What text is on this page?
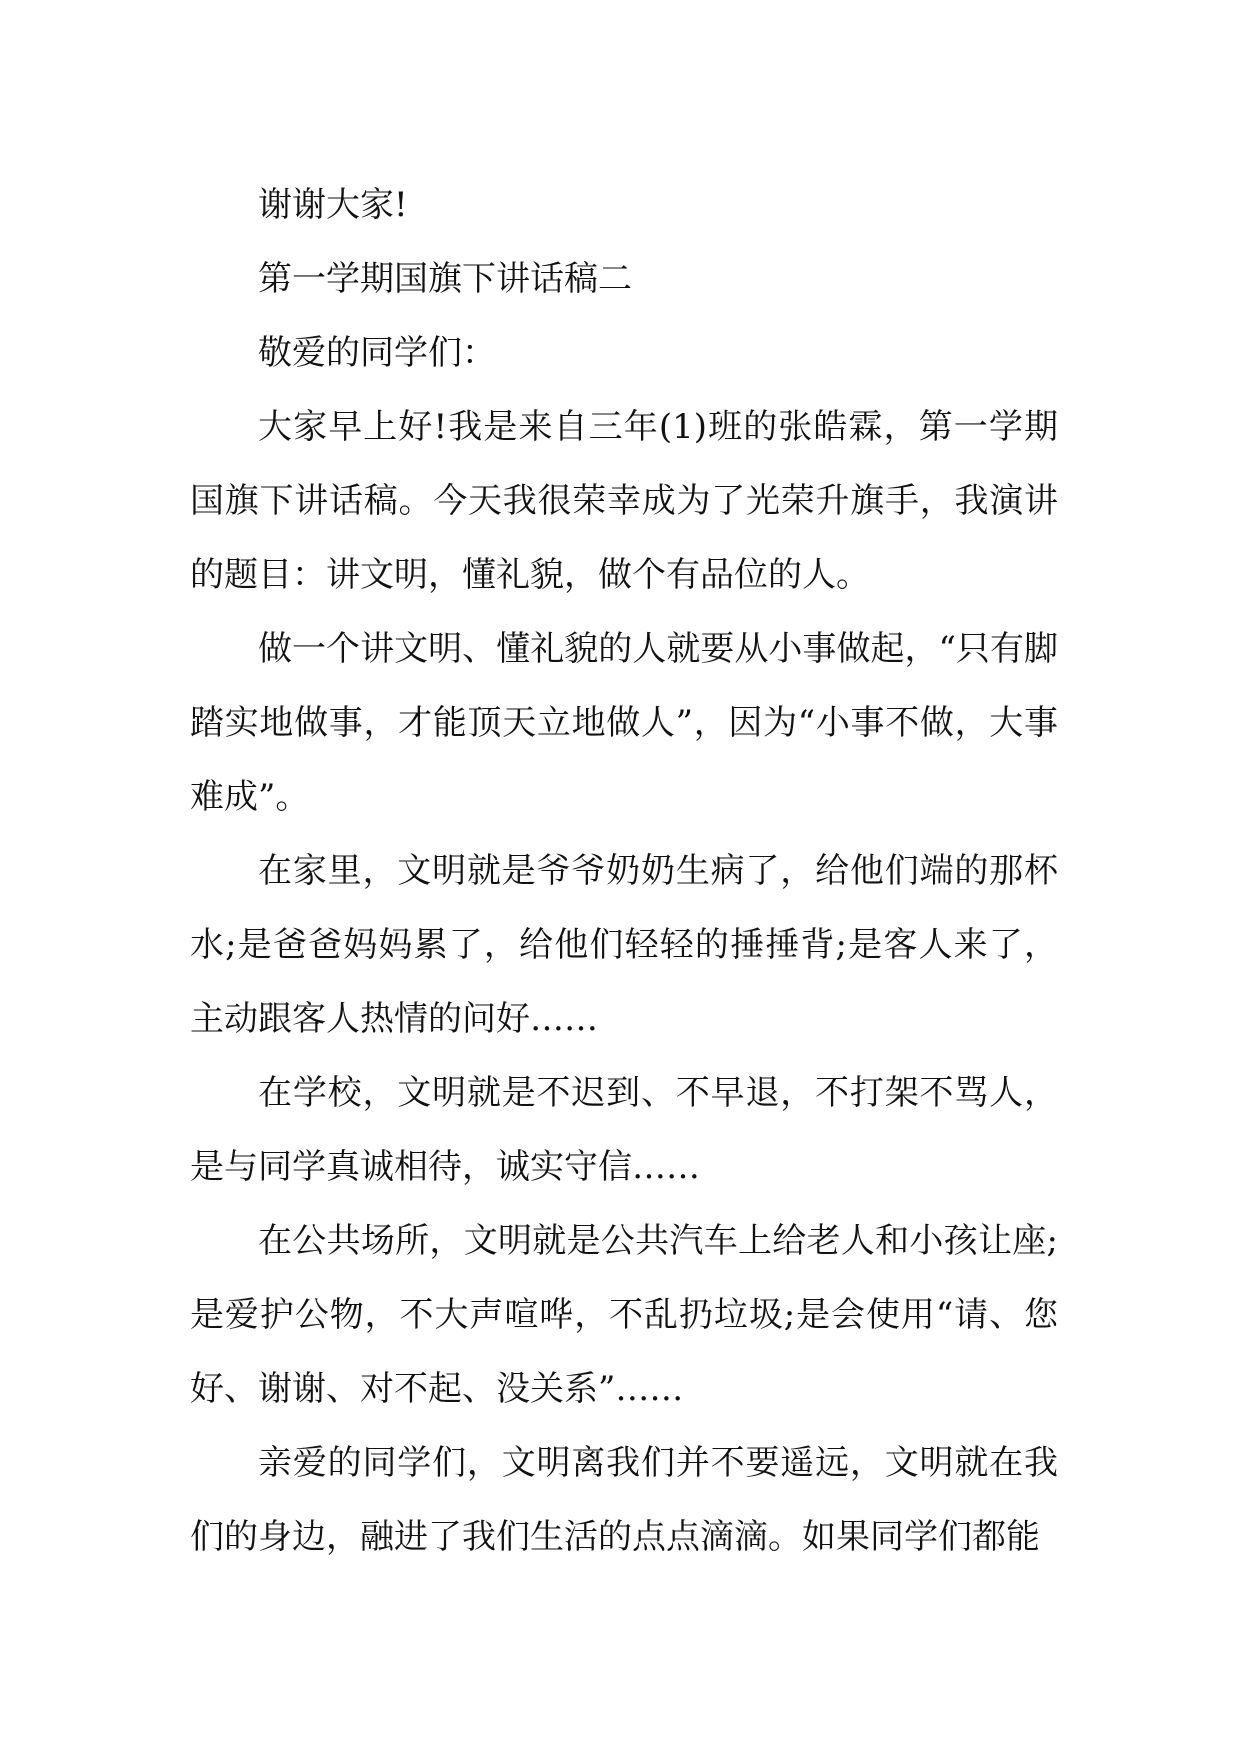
谢谢大家!

第一学期国旗下讲话稿二

敬爱的同学们：

大家早上好!我是来自三年(1)班的张皓霖，第一学期国旗下讲话稿。今天我很荣幸成为了光荣升旗手，我演讲的题目：讲文明，懂礼貌，做个有品位的人。

做一个讲文明、懂礼貌的人就要从小事做起，“只有脚踏实地做事，才能顶天立地做人”，因为“小事不做，大事难成”。

在家里，文明就是爷爷奶奶生病了，给他们端的那杯水;是爸爸妈妈累了，给他们轻轻的捶捶背;是客人来了，主动跟客人热情的问好……

在学校，文明就是不迟到、不早退，不打架不骂人，是与同学真诚相待，诚实守信……

在公共场所，文明就是公共汽车上给老人和小孩让座;是爱护公物，不大声喧哗，不乱扔垃圾;是会使用“请、您好、谢谢、对不起、没关系”……

亲爱的同学们，文明离我们并不要遥远，文明就在我们的身边，融进了我们生活的点点滴滴。如果同学们都能
